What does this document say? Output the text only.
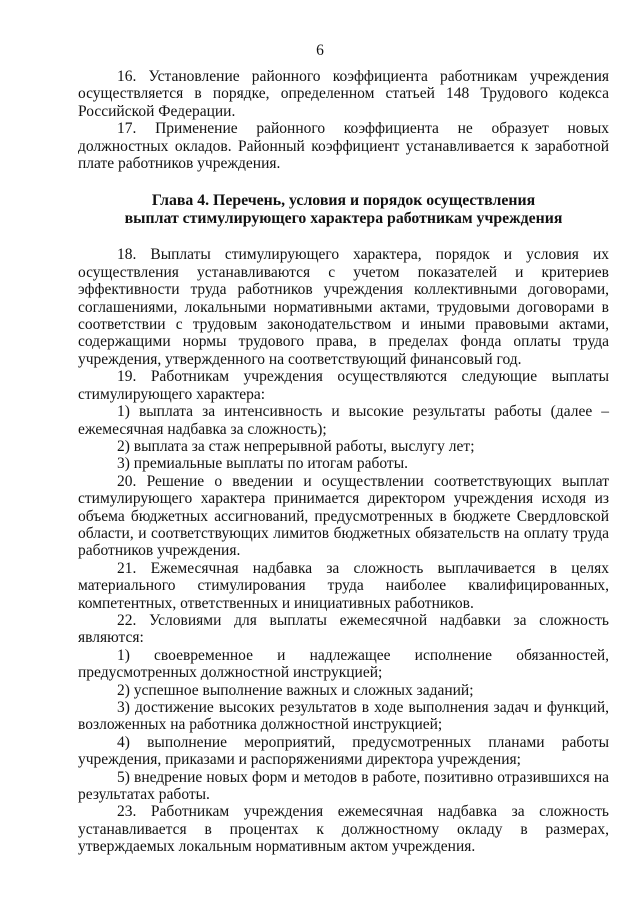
6

16. Установление районного коэффициента работникам учреждения осуществляется в порядке, определенном статьей 148 Трудового кодекса Российской Федерации.

17. Применение районного коэффициента не образует новых должностных окладов. Районный коэффициент устанавливается к заработной плате работников учреждения.

Глава 4. Перечень, условия и порядок осуществления
выплат стимулирующего характера работникам учреждения

18. Выплаты стимулирующего характера, порядок и условия их осуществления устанавливаются с учетом показателей и критериев эффективности труда работников учреждения коллективными договорами, соглашениями, локальными нормативными актами, трудовыми договорами в соответствии с трудовым законодательством и иными правовыми актами, содержащими нормы трудового права, в пределах фонда оплаты труда учреждения, утвержденного на соответствующий финансовый год.

19. Работникам учреждения осуществляются следующие выплаты стимулирующего характера:

1) выплата за интенсивность и высокие результаты работы (далее – ежемесячная надбавка за сложность);

2) выплата за стаж непрерывной работы, выслугу лет;

3) премиальные выплаты по итогам работы.

20. Решение о введении и осуществлении соответствующих выплат стимулирующего характера принимается директором учреждения исходя из объема бюджетных ассигнований, предусмотренных в бюджете Свердловской области, и соответствующих лимитов бюджетных обязательств на оплату труда работников учреждения.

21. Ежемесячная надбавка за сложность выплачивается в целях материального стимулирования труда наиболее квалифицированных, компетентных, ответственных и инициативных работников.

22. Условиями для выплаты ежемесячной надбавки за сложность являются:

1) своевременное и надлежащее исполнение обязанностей, предусмотренных должностной инструкцией;

2) успешное выполнение важных и сложных заданий;

3) достижение высоких результатов в ходе выполнения задач и функций, возложенных на работника должностной инструкцией;

4) выполнение мероприятий, предусмотренных планами работы учреждения, приказами и распоряжениями директора учреждения;

5) внедрение новых форм и методов в работе, позитивно отразившихся на результатах работы.

23. Работникам учреждения ежемесячная надбавка за сложность устанавливается в процентах к должностному окладу в размерах, утверждаемых локальным нормативным актом учреждения.
